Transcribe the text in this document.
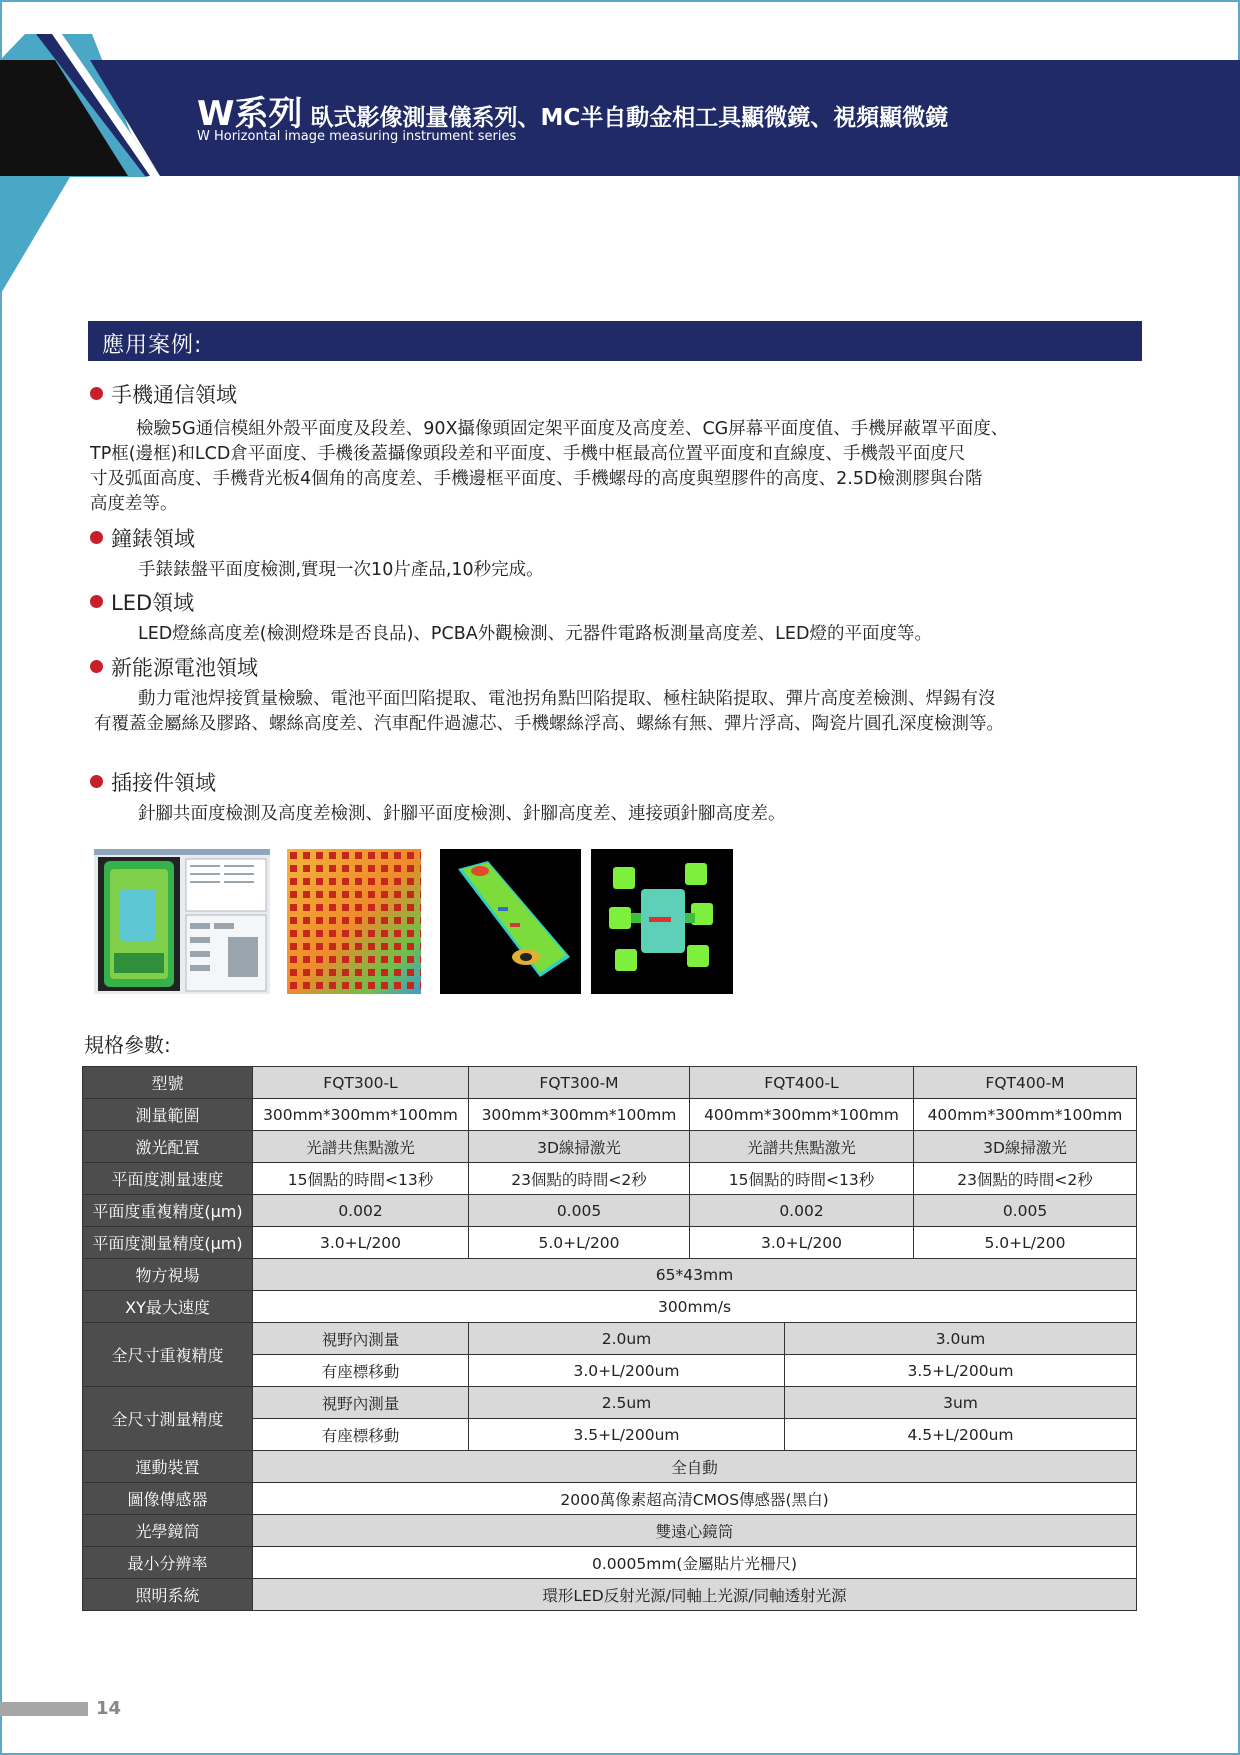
W系列 臥式影像測量儀系列、MC半自動金相工具顯微鏡、視頻顯微鏡
W Horizontal image measuring instrument series
應用案例:
手機通信領域
檢驗5G通信模組外殼平面度及段差、90X攝像頭固定架平面度及高度差、CG屏幕平面度值、手機屏蔽罩平面度、
TP框(邊框)和LCD倉平面度、手機後蓋攝像頭段差和平面度、手機中框最高位置平面度和直線度、手機殼平面度尺
寸及弧面高度、手機背光板4個角的高度差、手機邊框平面度、手機螺母的高度與塑膠件的高度、2.5D檢測膠與台階
高度差等。
鐘錶領域
手錶錶盤平面度檢測,實現一次10片產品,10秒完成。
LED領域
LED燈絲高度差(檢測燈珠是否良品)、PCBA外觀檢測、元器件電路板測量高度差、LED燈的平面度等。
新能源電池領域
動力電池焊接質量檢驗、電池平面凹陷提取、電池拐角點凹陷提取、極柱缺陷提取、彈片高度差檢測、焊錫有沒
有覆蓋金屬絲及膠路、螺絲高度差、汽車配件過濾芯、手機螺絲浮高、螺絲有無、彈片浮高、陶瓷片圓孔深度檢測等。
插接件領域
針腳共面度檢測及高度差檢測、針腳平面度檢測、針腳高度差、連接頭針腳高度差。
規格參數:
型號	FQT300-L	FQT300-M	FQT400-L		FQT400-M
測量範圍	300mm*300mm*100mm	300mm*300mm*100mm	400mm*300mm*100mm		400mm*300mm*100mm
激光配置	光譜共焦點激光	3D線掃激光	光譜共焦點激光		3D線掃激光
平面度測量速度	15個點的時間<13秒	23個點的時間<2秒	15個點的時間<13秒		23個點的時間<2秒
平面度重複精度(μm)	0.002	0.005	0.002		0.005
平面度測量精度(μm)	3.0+L/200	5.0+L/200	3.0+L/200		5.0+L/200
物方視場	65*43mm				
XY最大速度	300mm/s				
全尺寸重複精度	視野內測量	2.0um		3.0um	
	有座標移動	3.0+L/200um		3.5+L/200um	
全尺寸測量精度	視野內測量	2.5um		3um	
	有座標移動	3.5+L/200um		4.5+L/200um	
運動裝置	全自動				
圖像傳感器	2000萬像素超高清CMOS傳感器(黑白)				
光學鏡筒	雙遠心鏡筒				
最小分辨率	0.0005mm(金屬貼片光柵尺)				
照明系統	環形LED反射光源/同軸上光源/同軸透射光源				
14
